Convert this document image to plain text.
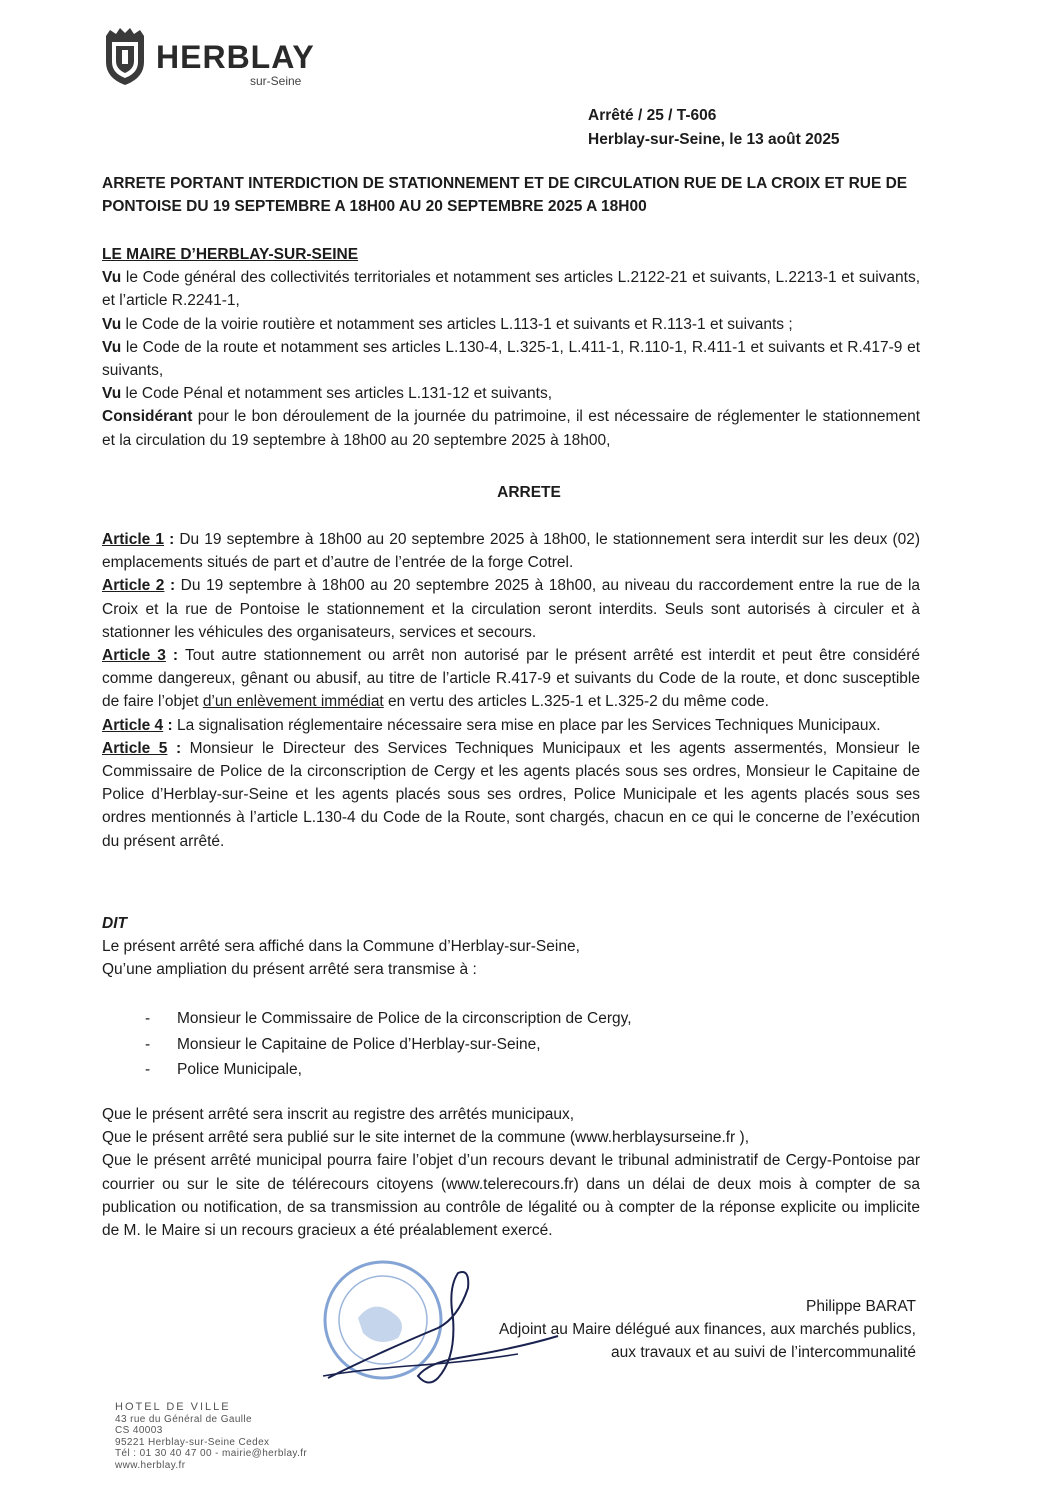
HERBLAY
sur-Seine
Arrêté / 25 / T-606
Herblay-sur-Seine, le 13 août 2025
ARRETE PORTANT INTERDICTION DE STATIONNEMENT ET DE CIRCULATION RUE DE LA CROIX ET RUE DE PONTOISE DU 19 SEPTEMBRE A 18H00 AU 20 SEPTEMBRE 2025 A 18H00

LE MAIRE D’HERBLAY-SUR-SEINE

Vu le Code général des collectivités territoriales et notamment ses articles L.2122-21 et suivants, L.2213-1 et suivants, et l’article R.2241-1,

Vu le Code de la voirie routière et notamment ses articles L.113-1 et suivants et R.113-1 et suivants ;

Vu le Code de la route et notamment ses articles L.130-4, L.325-1, L.411-1, R.110-1, R.411-1 et suivants et R.417-9 et suivants,

Vu le Code Pénal et notamment ses articles L.131-12 et suivants,

Considérant pour le bon déroulement de la journée du patrimoine, il est nécessaire de réglementer le stationnement et la circulation du 19 septembre à 18h00 au 20 septembre 2025 à 18h00,

ARRETE

Article 1 : Du 19 septembre à 18h00 au 20 septembre 2025 à 18h00, le stationnement sera interdit sur les deux (02) emplacements situés de part et d’autre de l’entrée de la forge Cotrel.

Article 2 : Du 19 septembre à 18h00 au 20 septembre 2025 à 18h00, au niveau du raccordement entre la rue de la Croix et la rue de Pontoise le stationnement et la circulation seront interdits. Seuls sont autorisés à circuler et à stationner les véhicules des organisateurs, services et secours.

Article 3 : Tout autre stationnement ou arrêt non autorisé par le présent arrêté est interdit et peut être considéré comme dangereux, gênant ou abusif, au titre de l’article R.417-9 et suivants du Code de la route, et donc susceptible de faire l’objet d’un enlèvement immédiat en vertu des articles L.325-1 et L.325-2 du même code.

Article 4 : La signalisation réglementaire nécessaire sera mise en place par les Services Techniques Municipaux.

Article 5 : Monsieur le Directeur des Services Techniques Municipaux et les agents assermentés, Monsieur le Commissaire de Police de la circonscription de Cergy et les agents placés sous ses ordres, Monsieur le Capitaine de Police d’Herblay-sur-Seine et les agents placés sous ses ordres, Police Municipale et les agents placés sous ses ordres mentionnés à l’article L.130-4 du Code de la Route, sont chargés, chacun en ce qui le concerne de l’exécution du présent arrêté.

DIT

Le présent arrêté sera affiché dans la Commune d’Herblay-sur-Seine,

Qu’une ampliation du présent arrêté sera transmise à :

-	Monsieur le Commissaire de Police de la circonscription de Cergy,
-	Monsieur le Capitaine de Police d’Herblay-sur-Seine,
-	Police Municipale,

Que le présent arrêté sera inscrit au registre des arrêtés municipaux,

Que le présent arrêté sera publié sur le site internet de la commune (www.herblaysurseine.fr ),

Que le présent arrêté municipal pourra faire l’objet d’un recours devant le tribunal administratif de Cergy-Pontoise par courrier ou sur le site de télérecours citoyens (www.telerecours.fr) dans un délai de deux mois à compter de sa publication ou notification, de sa transmission au contrôle de légalité ou à compter de la réponse explicite ou implicite de M. le Maire si un recours gracieux a été préalablement exercé.

Philippe BARAT
Adjoint au Maire délégué aux finances, aux marchés publics,
aux travaux et au suivi de l’intercommunalité
HOTEL DE VILLE
43 rue du Général de Gaulle
CS 40003
95221 Herblay-sur-Seine Cedex
Tél : 01 30 40 47 00 - mairie@herblay.fr
www.herblay.fr
